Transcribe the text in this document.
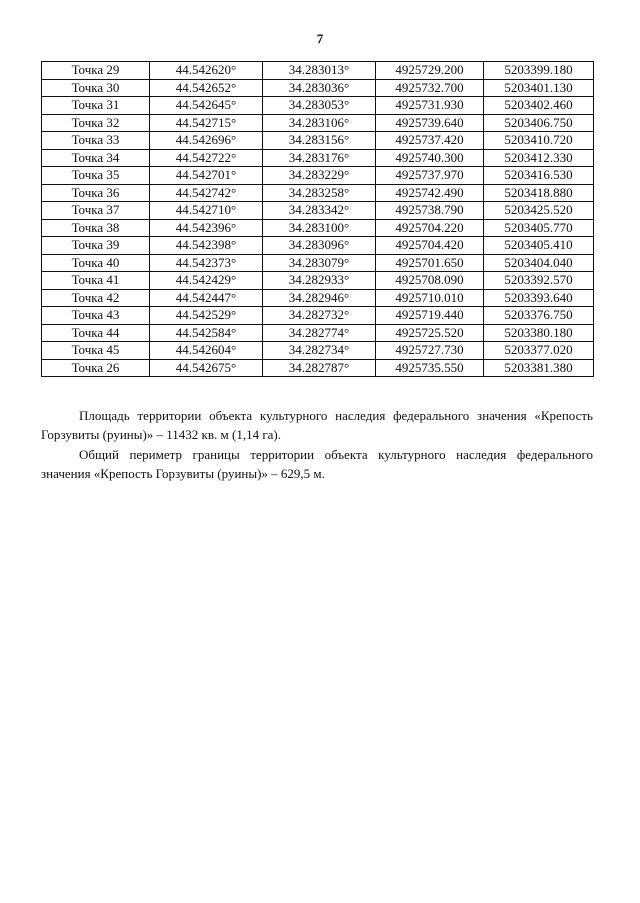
7
Точка 29	44.542620°	34.283013°	4925729.200	5203399.180
Точка 30	44.542652°	34.283036°	4925732.700	5203401.130
Точка 31	44.542645°	34.283053°	4925731.930	5203402.460
Точка 32	44.542715°	34.283106°	4925739.640	5203406.750
Точка 33	44.542696°	34.283156°	4925737.420	5203410.720
Точка 34	44.542722°	34.283176°	4925740.300	5203412.330
Точка 35	44.542701°	34.283229°	4925737.970	5203416.530
Точка 36	44.542742°	34.283258°	4925742.490	5203418.880
Точка 37	44.542710°	34.283342°	4925738.790	5203425.520
Точка 38	44.542396°	34.283100°	4925704.220	5203405.770
Точка 39	44.542398°	34.283096°	4925704.420	5203405.410
Точка 40	44.542373°	34.283079°	4925701.650	5203404.040
Точка 41	44.542429°	34.282933°	4925708.090	5203392.570
Точка 42	44.542447°	34.282946°	4925710.010	5203393.640
Точка 43	44.542529°	34.282732°	4925719.440	5203376.750
Точка 44	44.542584°	34.282774°	4925725.520	5203380.180
Точка 45	44.542604°	34.282734°	4925727.730	5203377.020
Точка 26	44.542675°	34.282787°	4925735.550	5203381.380

Площадь территории объекта культурного наследия федерального значения «Крепость Горзувиты (руины)» – 11432 кв. м (1,14 га).

Общий периметр границы территории объекта культурного наследия федерального значения «Крепость Горзувиты (руины)» – 629,5 м.
